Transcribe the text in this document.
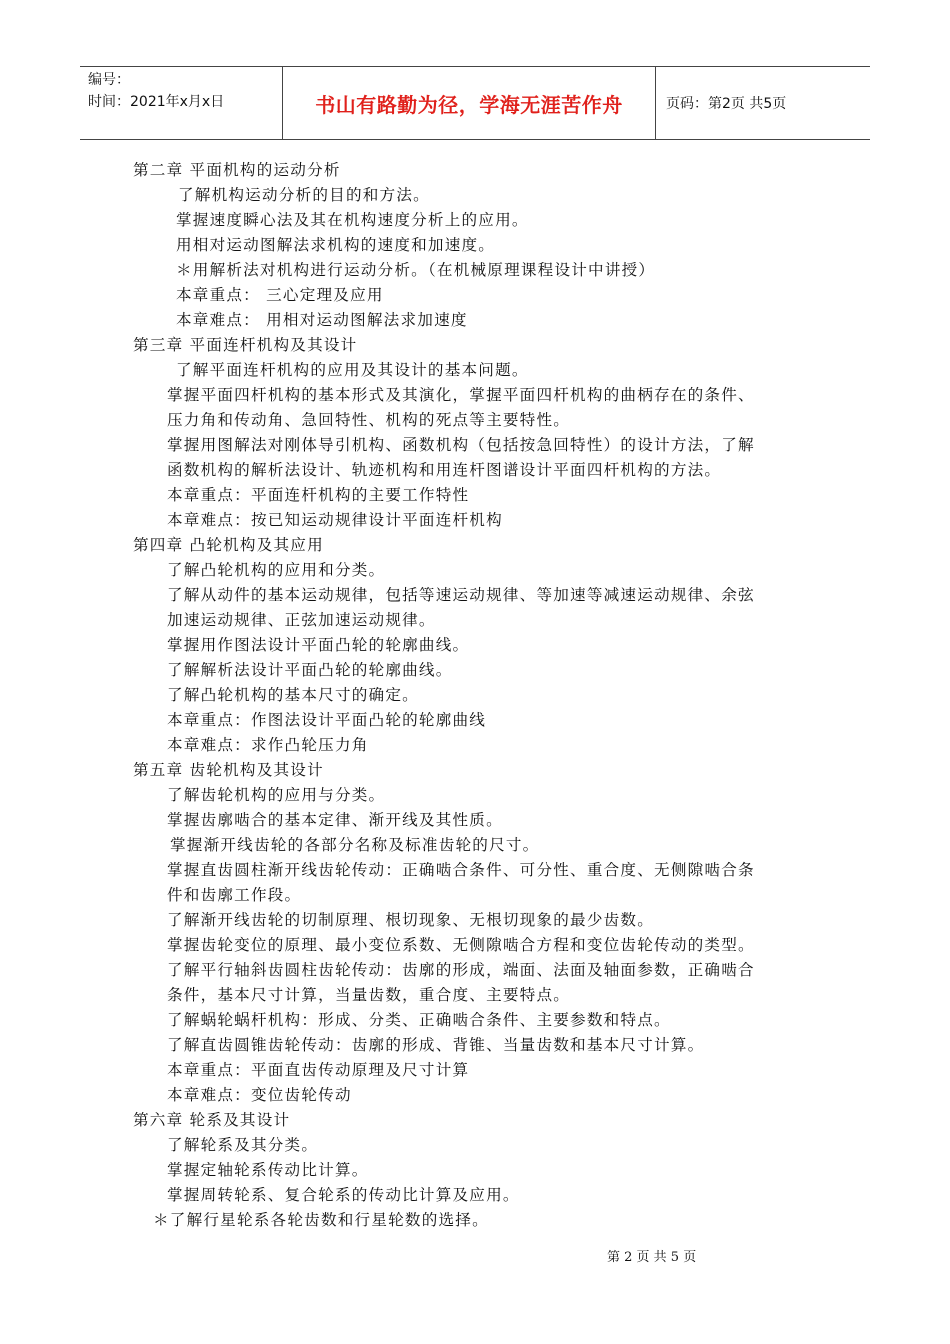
编号：
时间：2021年x月x日	书山有路勤为径，学海无涯苦作舟	页码：第2页 共5页
第二章 平面机构的运动分析
了解机构运动分析的目的和方法。
掌握速度瞬心法及其在机构速度分析上的应用。
用相对运动图解法求机构的速度和加速度。
＊用解析法对机构进行运动分析。（在机械原理课程设计中讲授）
本章重点： 三心定理及应用
本章难点： 用相对运动图解法求加速度
第三章 平面连杆机构及其设计
了解平面连杆机构的应用及其设计的基本问题。
掌握平面四杆机构的基本形式及其演化，掌握平面四杆机构的曲柄存在的条件、
压力角和传动角、急回特性、机构的死点等主要特性。
掌握用图解法对刚体导引机构、函数机构（包括按急回特性）的设计方法，了解
函数机构的解析法设计、轨迹机构和用连杆图谱设计平面四杆机构的方法。
本章重点：平面连杆机构的主要工作特性
本章难点：按已知运动规律设计平面连杆机构
第四章 凸轮机构及其应用
了解凸轮机构的应用和分类。
了解从动件的基本运动规律，包括等速运动规律、等加速等减速运动规律、余弦
加速运动规律、正弦加速运动规律。
掌握用作图法设计平面凸轮的轮廓曲线。
了解解析法设计平面凸轮的轮廓曲线。
了解凸轮机构的基本尺寸的确定。
本章重点：作图法设计平面凸轮的轮廓曲线
本章难点：求作凸轮压力角
第五章 齿轮机构及其设计
了解齿轮机构的应用与分类。
掌握齿廓啮合的基本定律、渐开线及其性质。
掌握渐开线齿轮的各部分名称及标准齿轮的尺寸。
掌握直齿圆柱渐开线齿轮传动：正确啮合条件、可分性、重合度、无侧隙啮合条
件和齿廓工作段。
了解渐开线齿轮的切制原理、根切现象、无根切现象的最少齿数。
掌握齿轮变位的原理、最小变位系数、无侧隙啮合方程和变位齿轮传动的类型。
了解平行轴斜齿圆柱齿轮传动：齿廓的形成，端面、法面及轴面参数，正确啮合
条件，基本尺寸计算，当量齿数，重合度、主要特点。
了解蜗轮蜗杆机构：形成、分类、正确啮合条件、主要参数和特点。
了解直齿圆锥齿轮传动：齿廓的形成、背锥、当量齿数和基本尺寸计算。
本章重点：平面直齿传动原理及尺寸计算
本章难点：变位齿轮传动
第六章 轮系及其设计
了解轮系及其分类。
掌握定轴轮系传动比计算。
掌握周转轮系、复合轮系的传动比计算及应用。
＊了解行星轮系各轮齿数和行星轮数的选择。
第 2 页 共 5 页
